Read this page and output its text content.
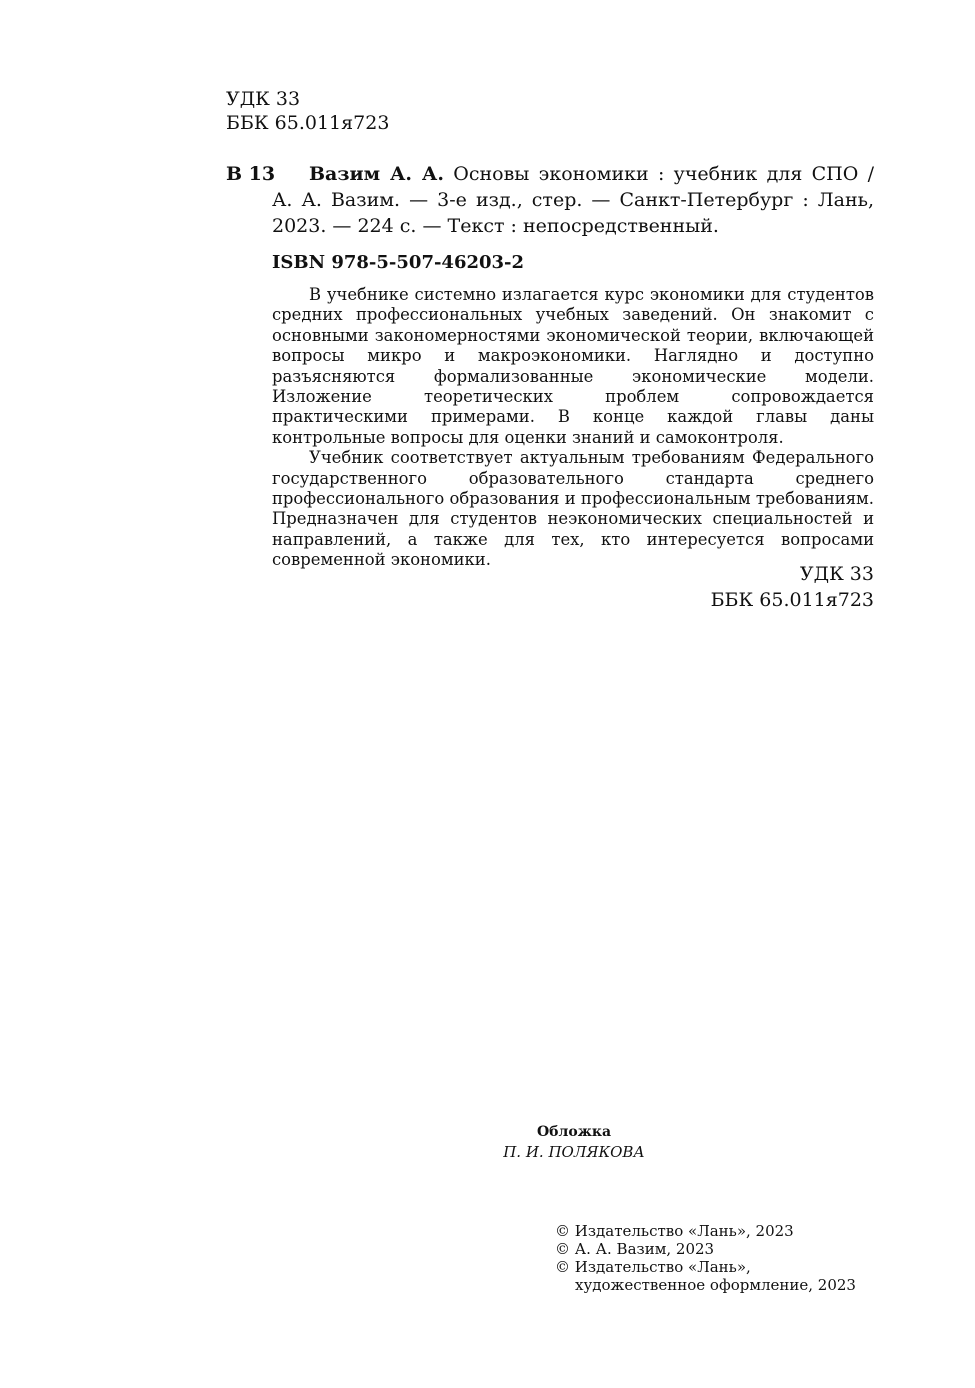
УДК 33
ББК 65.011я723
В 13 Вазим А. А. Основы экономики : учебник для СПО /
А. А. Вазим. — 3-е изд., стер. — Санкт-Петербург : Лань,
2023. — 224 с. — Текст : непосредственный.
ISBN 978-5-507-46203-2

В учебнике системно излагается курс экономики для студентов средних профессиональных учебных заведений. Он знакомит с основными закономерностями экономической теории, включающей вопросы микро и макроэкономики. Наглядно и доступно разъясняются формализованные экономические модели. Изложение теоретических проблем сопровождается практическими примерами. В конце каждой главы даны контрольные вопросы для оценки знаний и самоконтроля.

Учебник соответствует актуальным требованиям Федерального государственного образовательного стандарта среднего профессионального образования и профессиональным требованиям. Предназначен для студентов неэкономических специальностей и направлений, а также для тех, кто интересуется вопросами современной экономики.

УДК 33
ББК 65.011я723
Обложка
П. И. ПОЛЯКОВА
© Издательство «Лань», 2023
© А. А. Вазим, 2023
© Издательство «Лань»,
художественное оформление, 2023
